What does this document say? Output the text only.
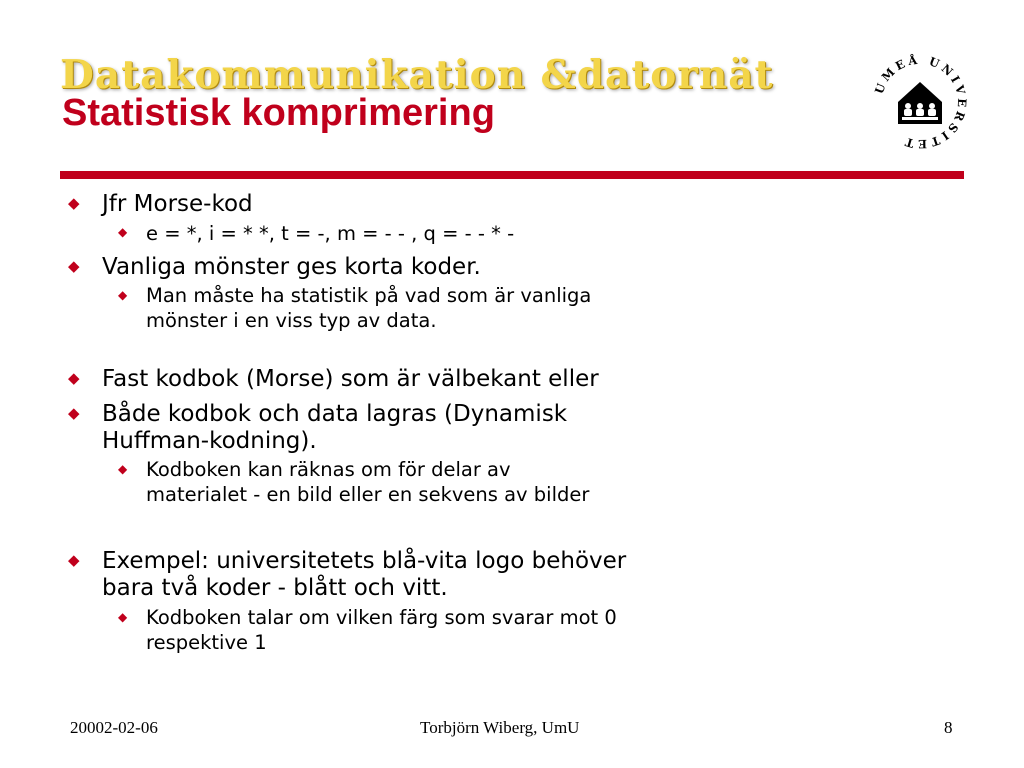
Datakommunikation &datornät
Statistisk komprimering
UMEÅ UNIVERSITET
◆ Jfr Morse-kod
◆ e = *, i = * *, t = -, m = - - , q = - - * -
◆ Vanliga mönster ges korta koder.
◆ Man måste ha statistik på vad som är vanliga
mönster i en viss typ av data.
◆ Fast kodbok (Morse) som är välbekant eller
◆ Både kodbok och data lagras (Dynamisk
Huffman-kodning).
◆ Kodboken kan räknas om för delar av
materialet - en bild eller en sekvens av bilder
◆ Exempel: universitetets blå-vita logo behöver
bara två koder - blått och vitt.
◆ Kodboken talar om vilken färg som svarar mot 0
respektive 1
20002-02-06	Torbjörn Wiberg, UmU	8
